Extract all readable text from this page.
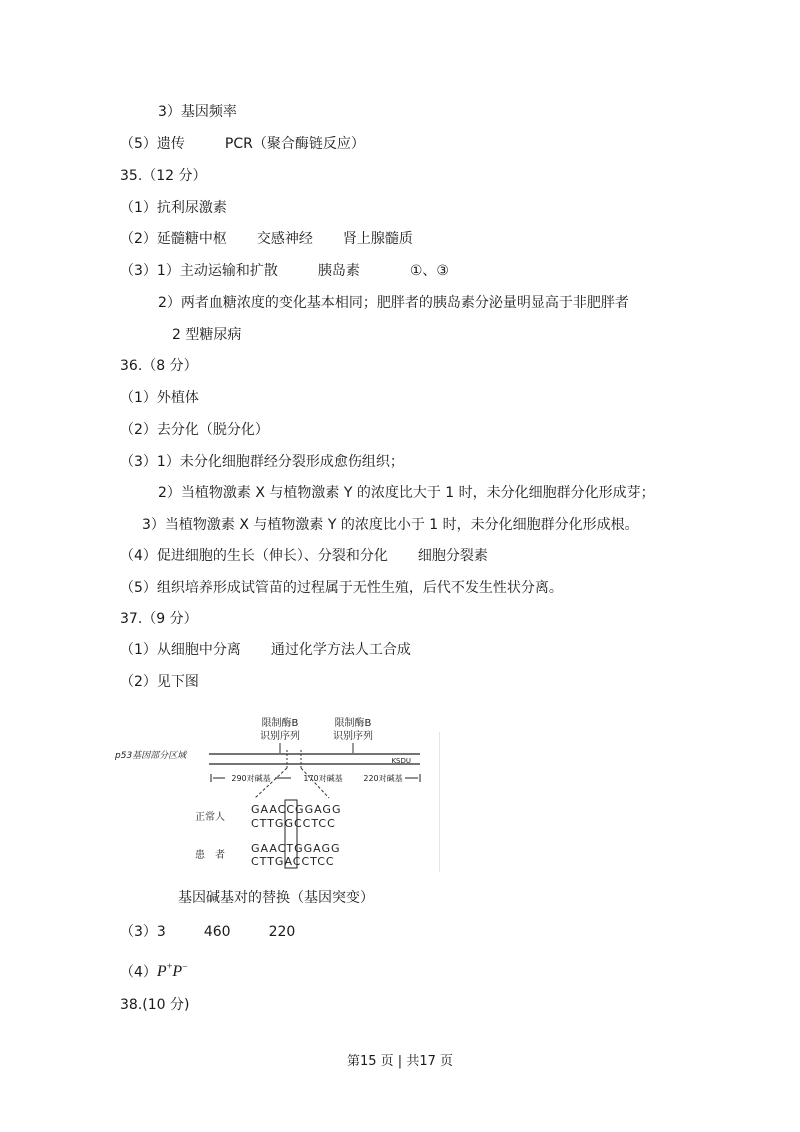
3）基因频率
（5）遗传	PCR（聚合酶链反应）
35.（12 分）
（1）抗利尿激素
（2）延髓糖中枢 交感神经 肾上腺髓质
（3）1）主动运输和扩散	胰岛素	①、③
2）两者血糖浓度的变化基本相同；肥胖者的胰岛素分泌量明显高于非肥胖者
2 型糖尿病
36.（8 分）
（1）外植体
（2）去分化（脱分化）
（3）1）未分化细胞群经分裂形成愈伤组织；
2）当植物激素 X 与植物激素 Y 的浓度比大于 1 时，未分化细胞群分化形成芽；
3）当植物激素 X 与植物激素 Y 的浓度比小于 1 时，未分化细胞群分化形成根。
（4）促进细胞的生长（伸长）、分裂和分化 细胞分裂素
（5）组织培养形成试管苗的过程属于无性生殖，后代不发生性状分离。
37.（9 分）
（1）从细胞中分离 通过化学方法人工合成
（2）见下图
限制酶B
识别序列
限制酶B
识别序列
p53基因部分区域	KSDU
290对碱基	170对碱基	220对碱基
正常人
GAACCGGAGG
CTTGGCCTCC
患　者
GAACTGGAGG
CTTGACCTCC
基因碱基对的替换（基因突变）
（3）3	460	220
（4）P+P−
38.(10 分)
第15 页 | 共17 页
